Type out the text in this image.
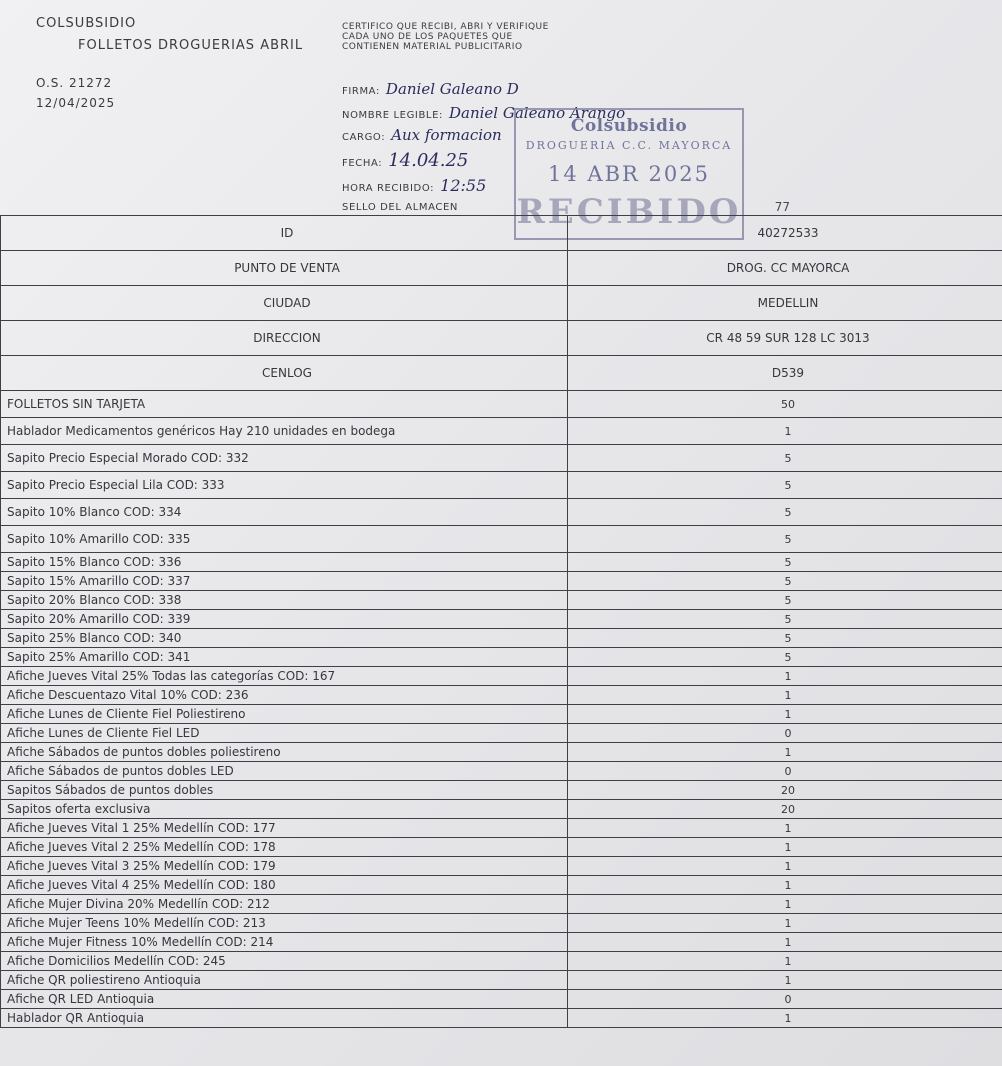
COLSUBSIDIO
FOLLETOS DROGUERIAS ABRIL
O.S. 21272
12/04/2025
CERTIFICO QUE RECIBI, ABRI Y VERIFIQUE CADA UNO DE LOS PAQUETES QUE CONTIENEN MATERIAL PUBLICITARIO
FIRMA: Daniel Galeano D
NOMBRE LEGIBLE: Daniel Galeano Arango
CARGO: Aux formacion
FECHA: 14.04.25
HORA RECIBIDO: 12:55
SELLO DEL ALMACEN
Colsubsidio
DROGUERIA C.C. MAYORCA
14 ABR 2025
RECIBIDO	77
ID	40272533
PUNTO DE VENTA	DROG. CC MAYORCA
CIUDAD	MEDELLIN
DIRECCION	CR 48 59 SUR 128 LC 3013
CENLOG	D539
FOLLETOS SIN TARJETA	50
Hablador Medicamentos genéricos Hay 210 unidades en bodega	1
Sapito Precio Especial Morado COD: 332	5
Sapito Precio Especial Lila COD: 333	5
Sapito 10% Blanco COD: 334	5
Sapito 10% Amarillo COD: 335	5
Sapito 15% Blanco COD: 336	5
Sapito 15% Amarillo COD: 337	5
Sapito 20% Blanco COD: 338	5
Sapito 20% Amarillo COD: 339	5
Sapito 25% Blanco COD: 340	5
Sapito 25% Amarillo COD: 341	5
Afiche Jueves Vital 25% Todas las categorías COD: 167	1
Afiche Descuentazo Vital 10% COD: 236	1
Afiche Lunes de Cliente Fiel Poliestireno	1
Afiche Lunes de Cliente Fiel LED	0
Afiche Sábados de puntos dobles poliestireno	1
Afiche Sábados de puntos dobles LED	0
Sapitos Sábados de puntos dobles	20
Sapitos oferta exclusiva	20
Afiche Jueves Vital 1 25% Medellín COD: 177	1
Afiche Jueves Vital 2 25% Medellín COD: 178	1
Afiche Jueves Vital 3 25% Medellín COD: 179	1
Afiche Jueves Vital 4 25% Medellín COD: 180	1
Afiche Mujer Divina 20% Medellín COD: 212	1
Afiche Mujer Teens 10% Medellín COD: 213	1
Afiche Mujer Fitness 10% Medellín COD: 214	1
Afiche Domicilios Medellín COD: 245	1
Afiche QR poliestireno Antioquia	1
Afiche QR LED Antioquia	0
Hablador QR Antioquia	1
